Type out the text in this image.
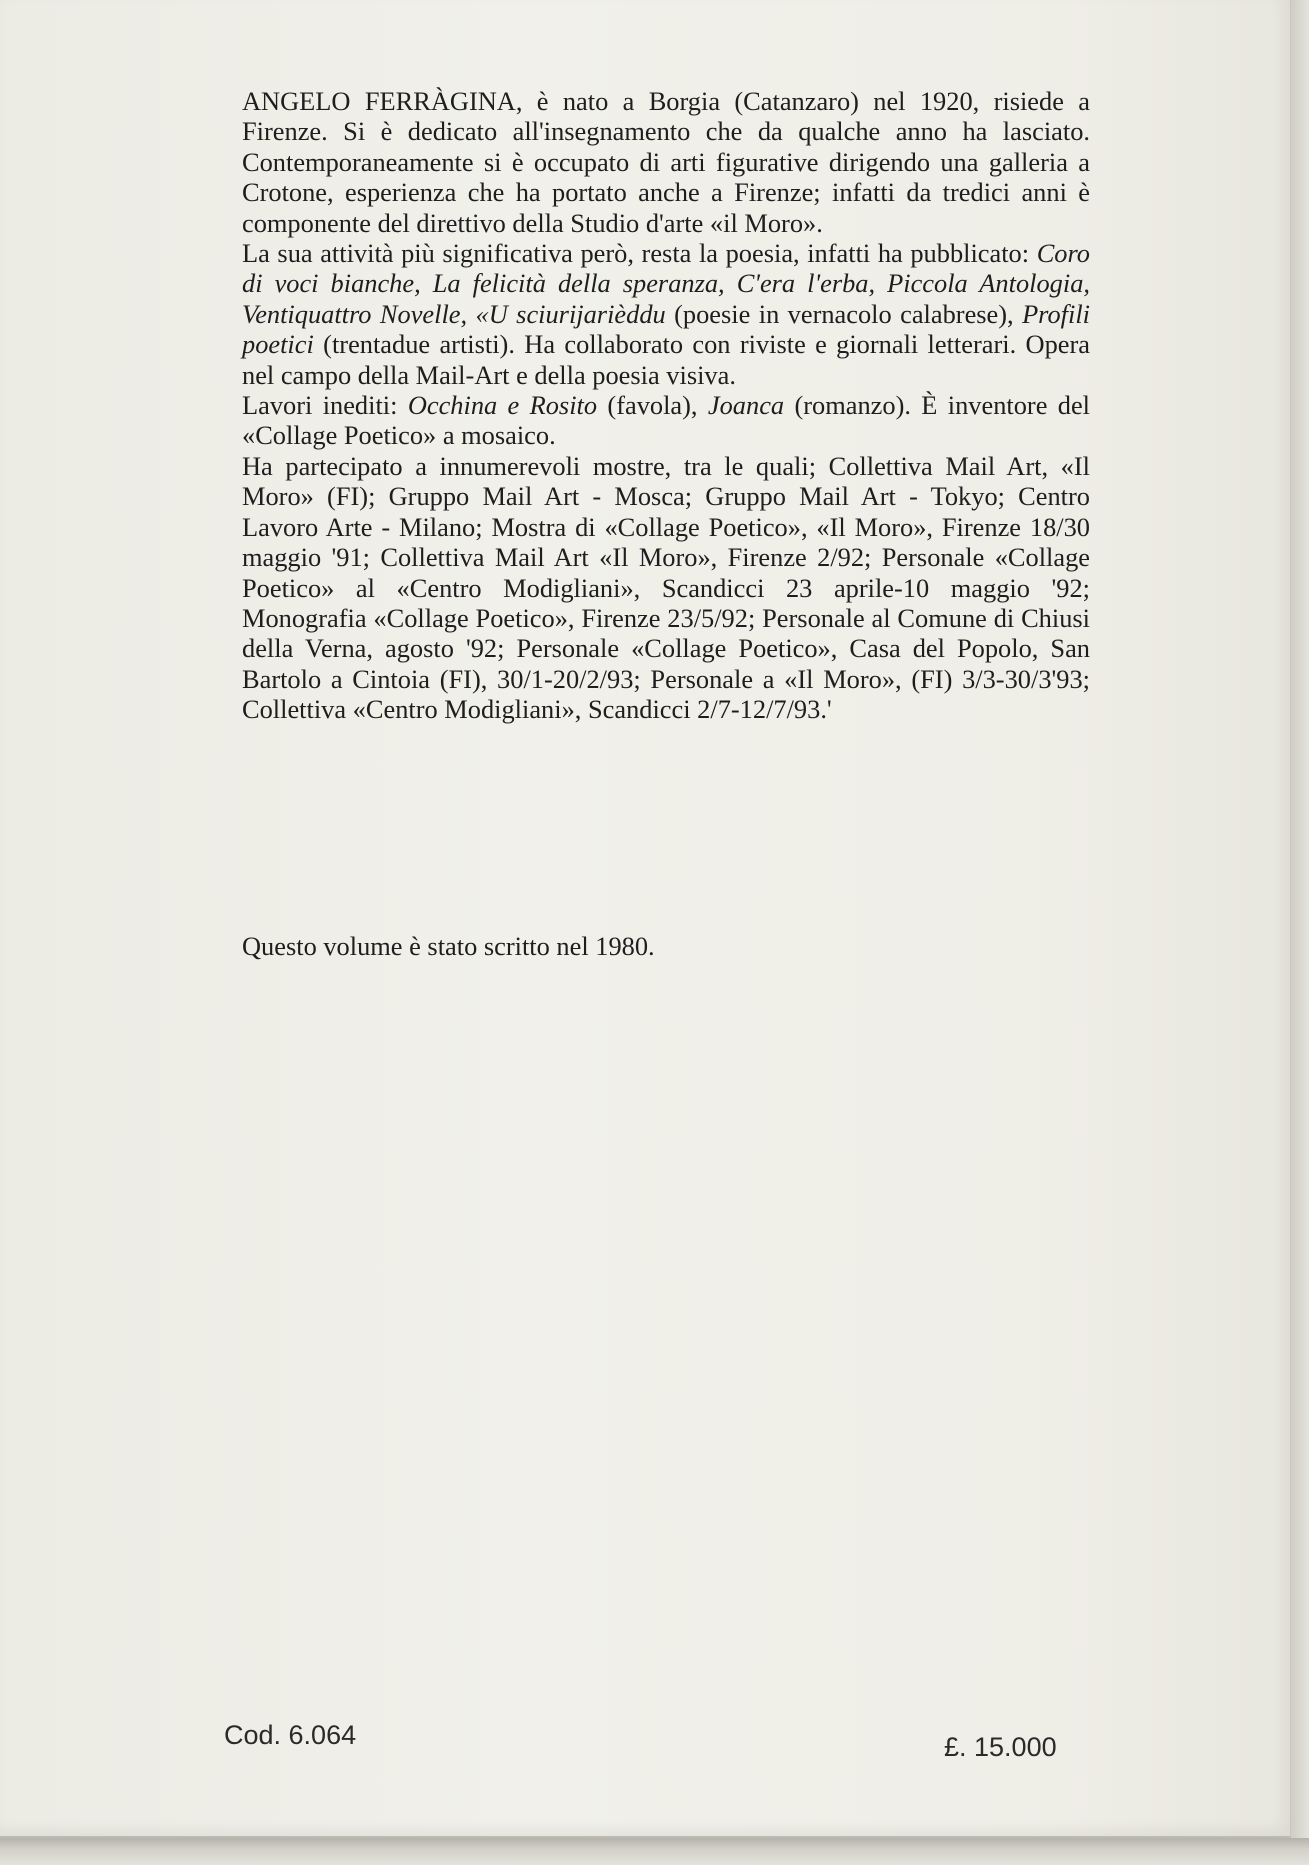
ANGELO FERRÀGINA, è nato a Borgia (Catanzaro) nel 1920, risiede a Firenze. Si è dedicato all'insegnamento che da qualche anno ha lasciato. Contemporaneamente si è occupato di arti figurative dirigendo una galleria a Crotone, esperienza che ha portato anche a Firenze; infatti da tredici anni è componente del direttivo della Studio d'arte «il Moro».

La sua attività più significativa però, resta la poesia, infatti ha pubblicato: Coro di voci bianche, La felicità della speranza, C'era l'erba, Piccola Antologia, Ventiquattro Novelle, «U sciurijarièddu (poesie in vernacolo calabrese), Profili poetici (trentadue artisti). Ha collaborato con riviste e giornali letterari. Opera nel campo della Mail-Art e della poesia visiva.

Lavori inediti: Occhina e Rosito (favola), Joanca (romanzo). È inventore del «Collage Poetico» a mosaico.

Ha partecipato a innumerevoli mostre, tra le quali; Collettiva Mail Art, «Il Moro» (FI); Gruppo Mail Art - Mosca; Gruppo Mail Art - Tokyo; Centro Lavoro Arte - Milano; Mostra di «Collage Poetico», «Il Moro», Firenze 18/30 maggio '91; Collettiva Mail Art «Il Moro», Firenze 2/92; Personale «Collage Poetico» al «Centro Modigliani», Scandicci 23 aprile-10 maggio '92; Monografia «Collage Poetico», Firenze 23/5/92; Personale al Comune di Chiusi della Verna, agosto '92; Personale «Collage Poetico», Casa del Popolo, San Bartolo a Cintoia (FI), 30/1-20/2/93; Personale a «Il Moro», (FI) 3/3-30/3'93; Collettiva «Centro Modigliani», Scandicci 2/7-12/7/93.'

Questo volume è stato scritto nel 1980.
Cod. 6.064	£. 15.000
